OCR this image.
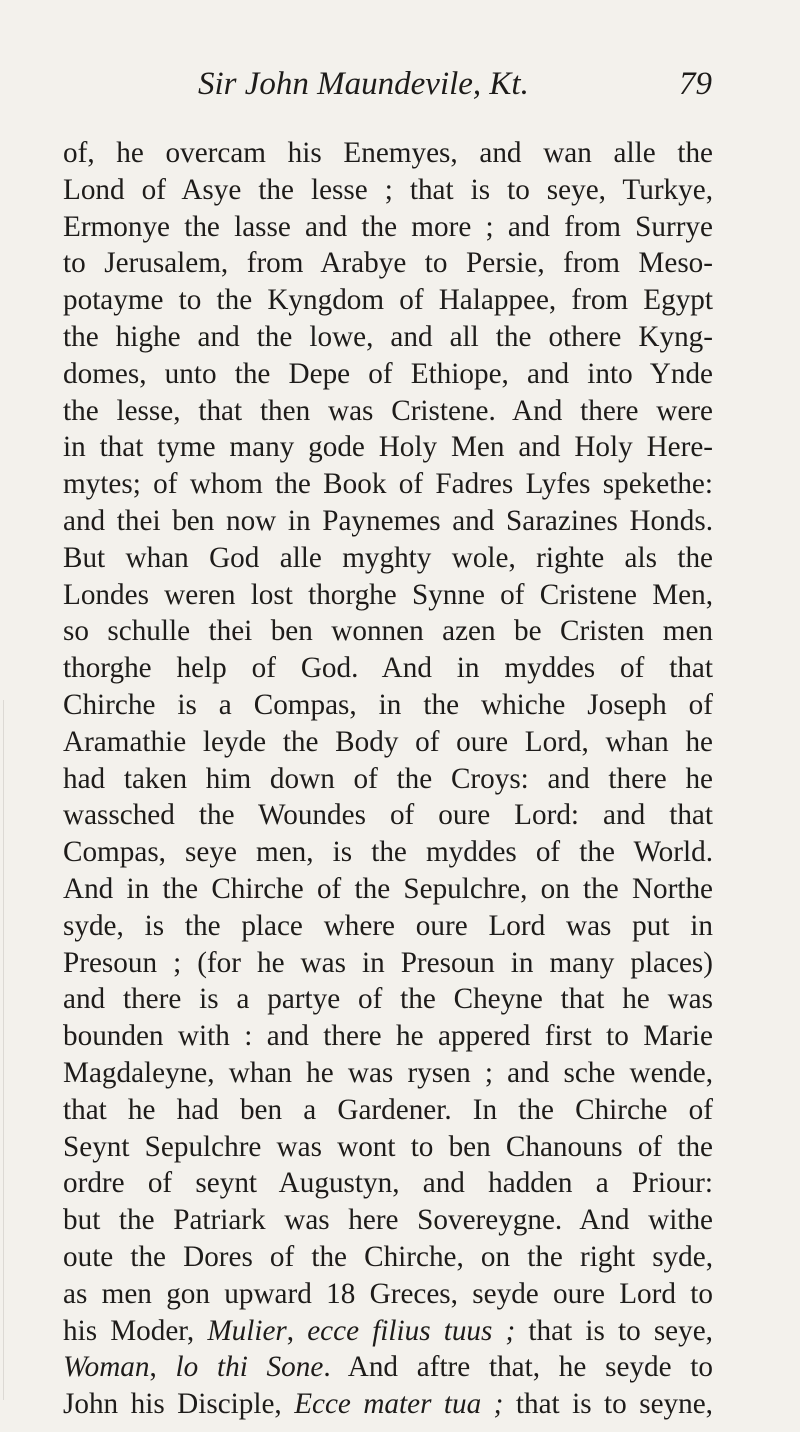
Sir John Maundevile, Kt.	79
of, he overcam his Enemyes, and wan alle the
Lond of Asye the lesse ; that is to seye, Turkye,
Ermonye the lasse and the more ; and from Surrye
to Jerusalem, from Arabye to Persie, from Meso-
potayme to the Kyngdom of Halappee, from Egypt
the highe and the lowe, and all the othere Kyng-
domes, unto the Depe of Ethiope, and into Ynde
the lesse, that then was Cristene. And there were
in that tyme many gode Holy Men and Holy Here-
mytes; of whom the Book of Fadres Lyfes spekethe:
and thei ben now in Paynemes and Sarazines Honds.
But whan God alle myghty wole, righte als the
Londes weren lost thorghe Synne of Cristene Men,
so schulle thei ben wonnen azen be Cristen men
thorghe help of God. And in myddes of that
Chirche is a Compas, in the whiche Joseph of
Aramathie leyde the Body of oure Lord, whan he
had taken him down of the Croys: and there he
wassched the Woundes of oure Lord: and that
Compas, seye men, is the myddes of the World.
And in the Chirche of the Sepulchre, on the Northe
syde, is the place where oure Lord was put in
Presoun ; (for he was in Presoun in many places)
and there is a partye of the Cheyne that he was
bounden with : and there he appered first to Marie
Magdaleyne, whan he was rysen ; and sche wende,
that he had ben a Gardener. In the Chirche of
Seynt Sepulchre was wont to ben Chanouns of the
ordre of seynt Augustyn, and hadden a Priour:
but the Patriark was here Sovereygne. And withe
oute the Dores of the Chirche, on the right syde,
as men gon upward 18 Greces, seyde oure Lord to
his Moder, Mulier, ecce filius tuus ; that is to seye,
Woman, lo thi Sone. And aftre that, he seyde to
John his Disciple, Ecce mater tua ; that is to seyne,
